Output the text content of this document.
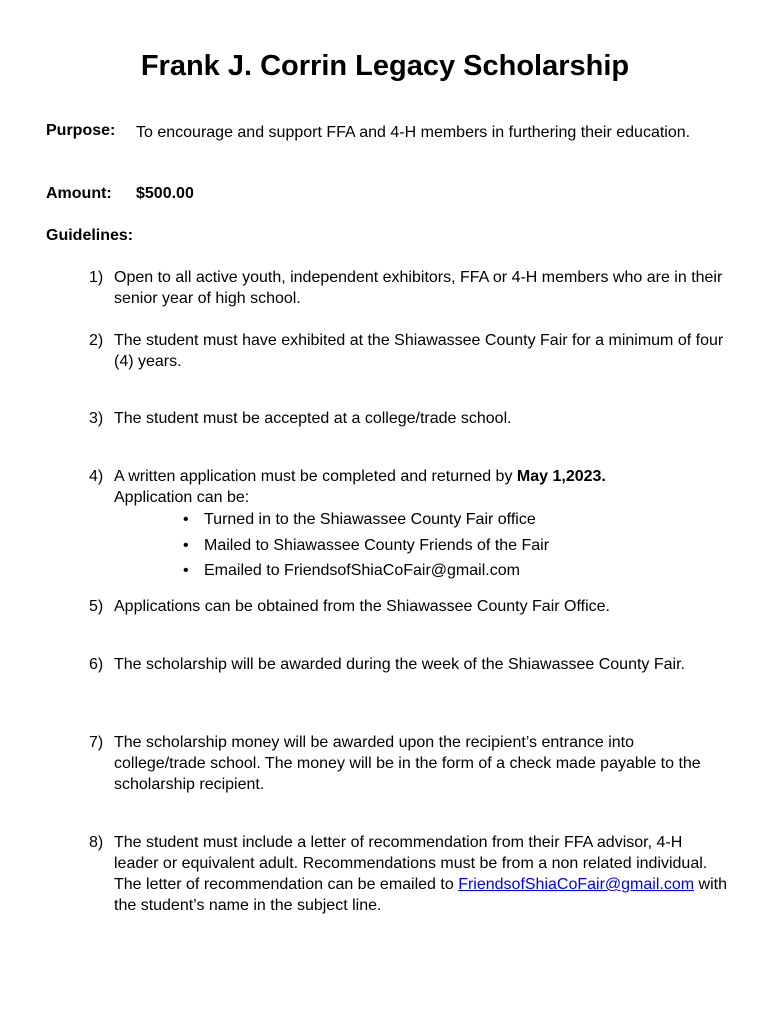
Frank J. Corrin Legacy Scholarship
Purpose: To encourage and support FFA and 4-H members in furthering their education.
Amount: $500.00
Guidelines:
1) Open to all active youth, independent exhibitors, FFA or 4-H members who are in their senior year of high school.
2) The student must have exhibited at the Shiawassee County Fair for a minimum of four (4) years.
3) The student must be accepted at a college/trade school.
4) A written application must be completed and returned by May 1,2023.
Application can be:
• Turned in to the Shiawassee County Fair office
• Mailed to Shiawassee County Friends of the Fair
• Emailed to FriendsofShiaCoFair@gmail.com
5) Applications can be obtained from the Shiawassee County Fair Office.
6) The scholarship will be awarded during the week of the Shiawassee County Fair.
7) The scholarship money will be awarded upon the recipient’s entrance into college/trade school. The money will be in the form of a check made payable to the scholarship recipient.
8) The student must include a letter of recommendation from their FFA advisor, 4-H leader or equivalent adult. Recommendations must be from a non related individual. The letter of recommendation can be emailed to FriendsofShiaCoFair@gmail.com with the student’s name in the subject line.
